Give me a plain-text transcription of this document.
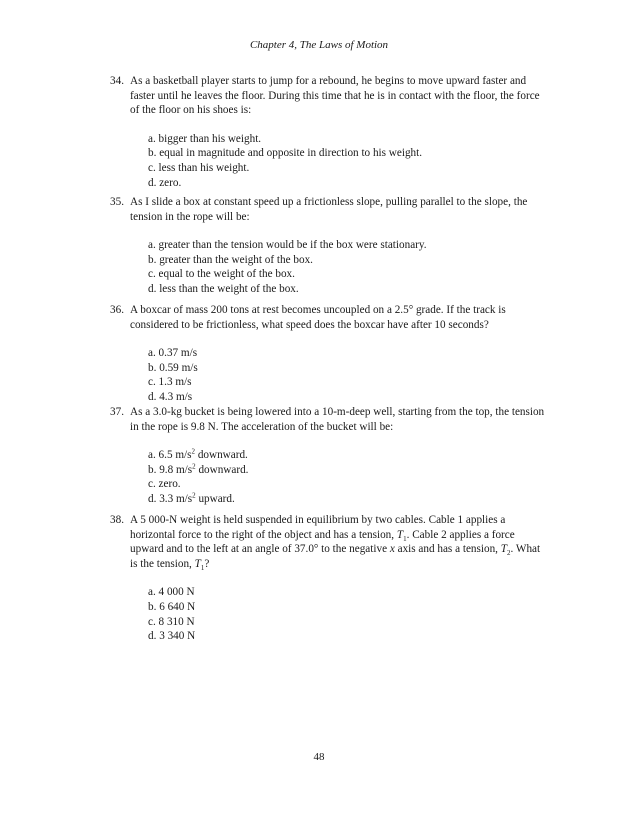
Chapter 4, The Laws of Motion
34. As a basketball player starts to jump for a rebound, he begins to move upward faster and faster until he leaves the floor. During this time that he is in contact with the floor, the force of the floor on his shoes is:
a. bigger than his weight.
b. equal in magnitude and opposite in direction to his weight.
c. less than his weight.
d. zero.
35. As I slide a box at constant speed up a frictionless slope, pulling parallel to the slope, the tension in the rope will be:
a. greater than the tension would be if the box were stationary.
b. greater than the weight of the box.
c. equal to the weight of the box.
d. less than the weight of the box.
36. A boxcar of mass 200 tons at rest becomes uncoupled on a 2.5° grade. If the track is considered to be frictionless, what speed does the boxcar have after 10 seconds?
a. 0.37 m/s
b. 0.59 m/s
c. 1.3 m/s
d. 4.3 m/s
37. As a 3.0-kg bucket is being lowered into a 10-m-deep well, starting from the top, the tension in the rope is 9.8 N. The acceleration of the bucket will be:
a. 6.5 $m/s^2$ downward.
b. 9.8 $m/s^2$ downward.
c. zero.
d. 3.3 $m/s^2$ upward.
38. A 5 000-N weight is held suspended in equilibrium by two cables. Cable 1 applies a horizontal force to the right of the object and has a tension, $T_1$. Cable 2 applies a force upward and to the left at an angle of 37.0° to the negative x axis and has a tension, $T_2$. What is the tension, $T_1$?
a. 4 000 N
b. 6 640 N
c. 8 310 N
d. 3 340 N
48
